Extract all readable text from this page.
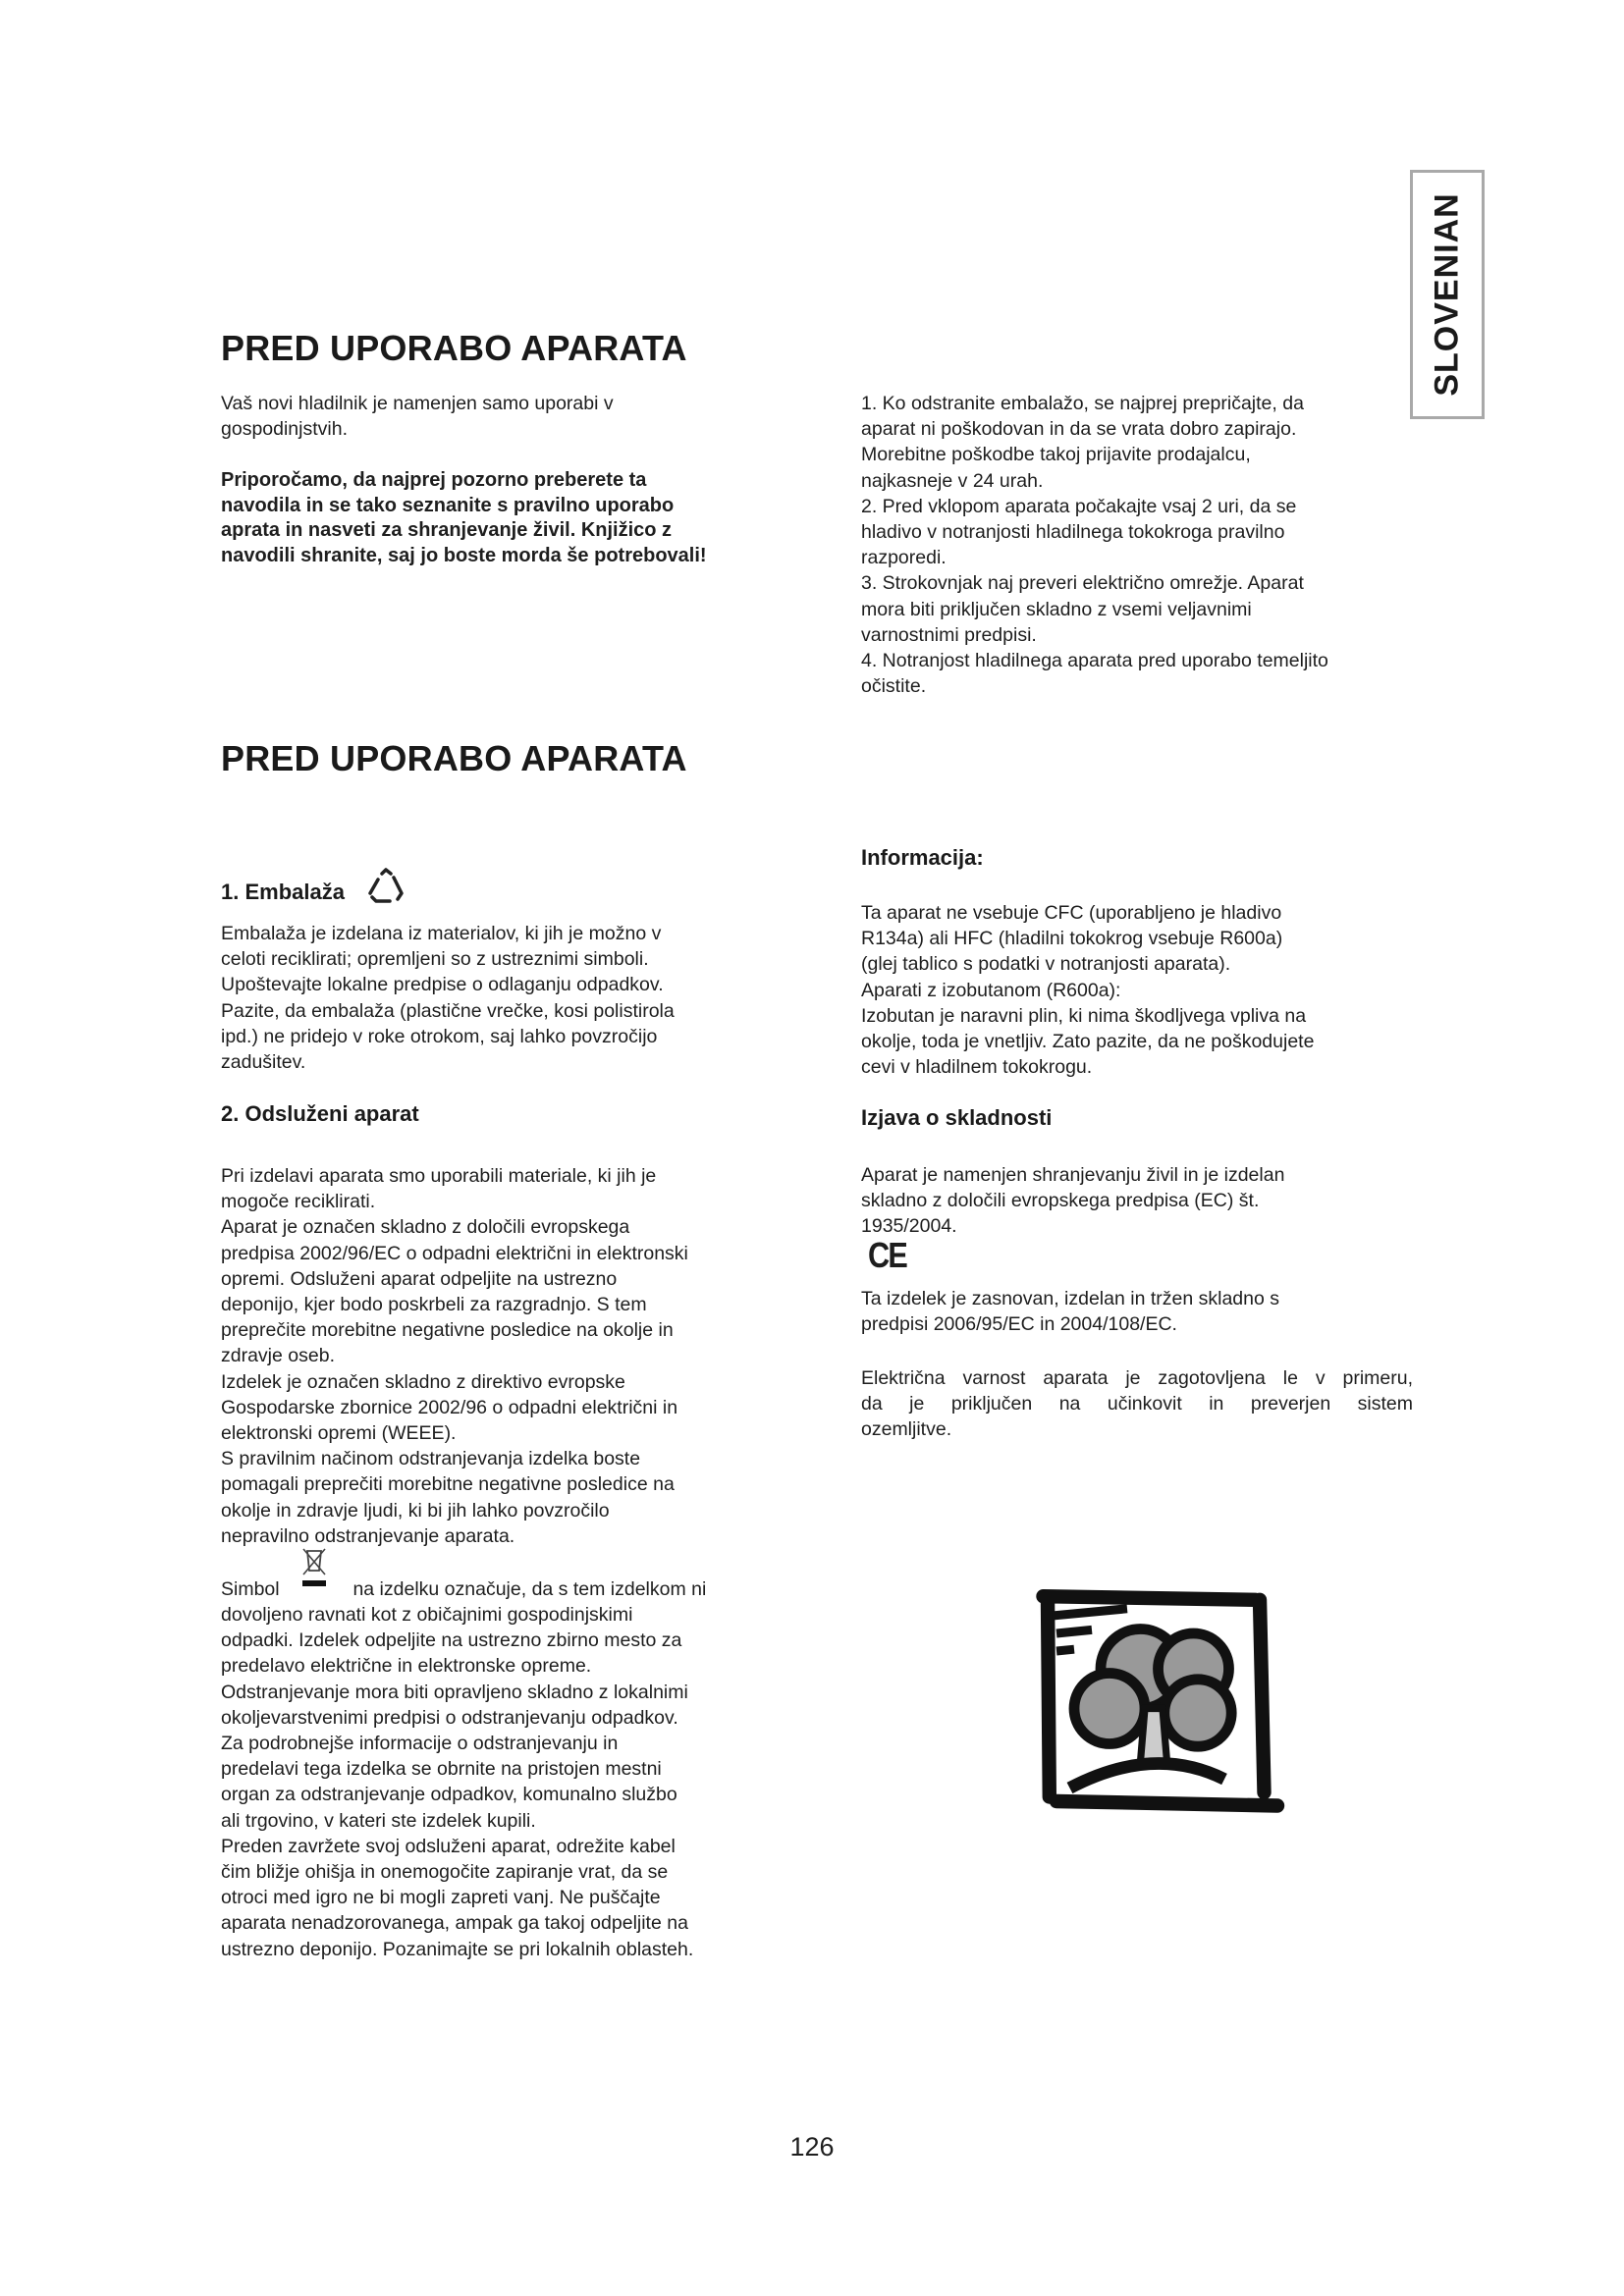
SLOVENIAN
PRED UPORABO APARATA
Vaš novi hladilnik je namenjen samo uporabi v
gospodinjstvih.
Priporočamo, da najprej pozorno preberete ta
navodila in se tako seznanite s pravilno uporabo
aprata in nasveti za shranjevanje živil. Knjižico z
navodili shranite, saj jo boste morda še potrebovali!
1. Ko odstranite embalažo, se najprej prepričajte, da
aparat ni poškodovan in da se vrata dobro zapirajo.
Morebitne poškodbe takoj prijavite prodajalcu,
najkasneje v 24 urah.
2. Pred vklopom aparata počakajte vsaj 2 uri, da se
hladivo v notranjosti hladilnega tokokroga pravilno
razporedi.
3. Strokovnjak naj preveri električno omrežje. Aparat
mora biti priključen skladno z vsemi veljavnimi
varnostnimi predpisi.
4. Notranjost hladilnega aparata pred uporabo temeljito
očistite.
PRED UPORABO APARATA
1. Embalaža
Embalaža je izdelana iz materialov, ki jih je možno v
celoti reciklirati; opremljeni so z ustreznimi simboli.
Upoštevajte lokalne predpise o odlaganju odpadkov.
Pazite, da embalaža (plastične vrečke, kosi polistirola
ipd.) ne pridejo v roke otrokom, saj lahko povzročijo
zadušitev.
2. Odsluženi aparat
Pri izdelavi aparata smo uporabili materiale, ki jih je
mogoče reciklirati.
Aparat je označen skladno z določili evropskega
predpisa 2002/96/EC o odpadni električni in elektronski
opremi. Odsluženi aparat odpeljite na ustrezno
deponijo, kjer bodo poskrbeli za razgradnjo. S tem
preprečite morebitne negativne posledice na okolje in
zdravje oseb.
Izdelek je označen skladno z direktivo evropske
Gospodarske zbornice 2002/96 o odpadni električni in
elektronski opremi (WEEE).
S pravilnim načinom odstranjevanja izdelka boste
pomagali preprečiti morebitne negativne posledice na
okolje in zdravje ljudi, ki bi jih lahko povzročilo
nepravilno odstranjevanje aparata.
Simbol	na izdelku označuje, da s tem izdelkom ni
dovoljeno ravnati kot z običajnimi gospodinjskimi
odpadki. Izdelek odpeljite na ustrezno zbirno mesto za
predelavo električne in elektronske opreme.
Odstranjevanje mora biti opravljeno skladno z lokalnimi
okoljevarstvenimi predpisi o odstranjevanju odpadkov.
Za podrobnejše informacije o odstranjevanju in
predelavi tega izdelka se obrnite na pristojen mestni
organ za odstranjevanje odpadkov, komunalno službo
ali trgovino, v kateri ste izdelek kupili.
Preden zavržete svoj odsluženi aparat, odrežite kabel
čim bližje ohišja in onemogočite zapiranje vrat, da se
otroci med igro ne bi mogli zapreti vanj. Ne puščajte
aparata nenadzorovanega, ampak ga takoj odpeljite na
ustrezno deponijo. Pozanimajte se pri lokalnih oblasteh.
Informacija:
Ta aparat ne vsebuje CFC (uporabljeno je hladivo
R134a) ali HFC (hladilni tokokrog vsebuje R600a)
(glej tablico s podatki v notranjosti aparata).
Aparati z izobutanom (R600a):
Izobutan je naravni plin, ki nima škodljvega vpliva na
okolje, toda je vnetljiv. Zato pazite, da ne poškodujete
cevi v hladilnem tokokrogu.
Izjava o skladnosti
Aparat je namenjen shranjevanju živil in je izdelan
skladno z določili evropskega predpisa (EC) št.
1935/2004.
CE
Ta izdelek je zasnovan, izdelan in tržen skladno s
predpisi 2006/95/EC in 2004/108/EC.
Električna varnost aparata je zagotovljena le v primeru,
da je priključen na učinkovit in preverjen sistem
ozemljitve.
126
